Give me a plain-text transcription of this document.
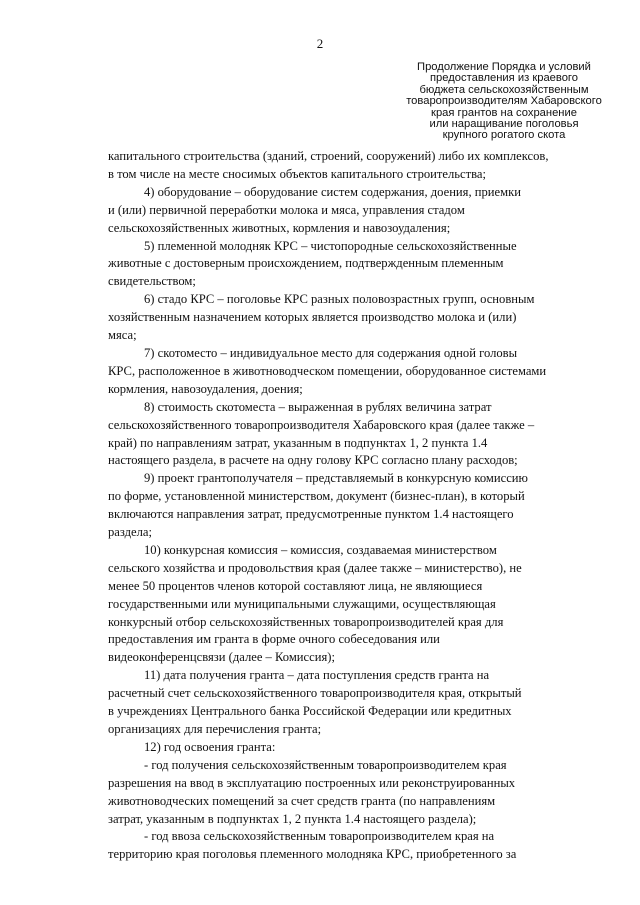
2
Продолжение Порядка и условий
предоставления из краевого
бюджета сельскохозяйственным
товаропроизводителям Хабаровского
края грантов на сохранение
или наращивание поголовья
крупного рогатого скота

капитального строительства (зданий, строений, сооружений) либо их комплексов,
в том числе на месте сносимых объектов капитального строительства;

4) оборудование – оборудование систем содержания, доения, приемки
и (или) первичной переработки молока и мяса, управления стадом
сельскохозяйственных животных, кормления и навозоудаления;

5) племенной молодняк КРС – чистопородные сельскохозяйственные
животные с достоверным происхождением, подтвержденным племенным
свидетельством;

6) стадо КРС – поголовье КРС разных половозрастных групп, основным
хозяйственным назначением которых является производство молока и (или)
мяса;

7) скотоместо – индивидуальное место для содержания одной головы
КРС, расположенное в животноводческом помещении, оборудованное системами
кормления, навозоудаления, доения;

8) стоимость скотоместа – выраженная в рублях величина затрат
сельскохозяйственного товаропроизводителя Хабаровского края (далее также –
край) по направлениям затрат, указанным в подпунктах 1, 2 пункта 1.4
настоящего раздела, в расчете на одну голову КРС согласно плану расходов;

9) проект грантополучателя – представляемый в конкурсную комиссию
по форме, установленной министерством, документ (бизнес-план), в который
включаются направления затрат, предусмотренные пунктом 1.4 настоящего
раздела;

10) конкурсная комиссия – комиссия, создаваемая министерством
сельского хозяйства и продовольствия края (далее также – министерство), не
менее 50 процентов членов которой составляют лица, не являющиеся
государственными или муниципальными служащими, осуществляющая
конкурсный отбор сельскохозяйственных товаропроизводителей края для
предоставления им гранта в форме очного собеседования или
видеоконференцсвязи (далее – Комиссия);

11) дата получения гранта – дата поступления средств гранта на
расчетный счет сельскохозяйственного товаропроизводителя края, открытый
в учреждениях Центрального банка Российской Федерации или кредитных
организациях для перечисления гранта;

12) год освоения гранта:

- год получения сельскохозяйственным товаропроизводителем края
разрешения на ввод в эксплуатацию построенных или реконструированных
животноводческих помещений за счет средств гранта (по направлениям
затрат, указанным в подпунктах 1, 2 пункта 1.4 настоящего раздела);

- год ввоза сельскохозяйственным товаропроизводителем края на
территорию края поголовья племенного молодняка КРС, приобретенного за
